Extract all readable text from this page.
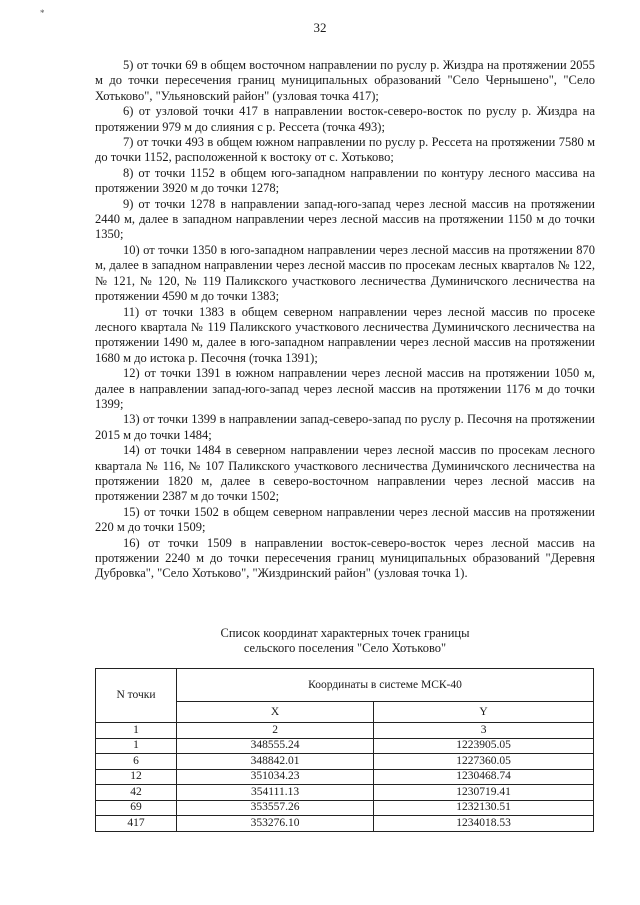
*
32

5) от точки 69 в общем восточном направлении по руслу р. Жиздра на протяжении 2055 м до точки пересечения границ муниципальных образований "Село Чернышено", "Село Хотьково", "Ульяновский район" (узловая точка 417);

6) от узловой точки 417 в направлении восток-северо-восток по руслу р. Жиздра на протяжении 979 м до слияния с р. Рессета (точка 493);

7) от точки 493 в общем южном направлении по руслу р. Рессета на протяжении 7580 м до точки 1152, расположенной к востоку от с. Хотьково;

8) от точки 1152 в общем юго-западном направлении по контуру лесного массива на протяжении 3920 м до точки 1278;

9) от точки 1278 в направлении запад-юго-запад через лесной массив на протяжении 2440 м, далее в западном направлении через лесной массив на протяжении 1150 м до точки 1350;

10) от точки 1350 в юго-западном направлении через лесной массив на протяжении 870 м, далее в западном направлении через лесной массив по просекам лесных кварталов № 122, № 121, № 120, № 119 Паликского участкового лесничества Думиничского лесничества на протяжении 4590 м до точки 1383;

11) от точки 1383 в общем северном направлении через лесной массив по просеке лесного квартала № 119 Паликского участкового лесничества Думиничского лесничества на протяжении 1490 м, далее в юго-западном направлении через лесной массив на протяжении 1680 м до истока р. Песочня (точка 1391);

12) от точки 1391 в южном направлении через лесной массив на протяжении 1050 м, далее в направлении запад-юго-запад через лесной массив на протяжении 1176 м до точки 1399;

13) от точки 1399 в направлении запад-северо-запад по руслу р. Песочня на протяжении 2015 м до точки 1484;

14) от точки 1484 в северном направлении через лесной массив по просекам лесного квартала № 116, № 107 Паликского участкового лесничества Думиничского лесничества на протяжении 1820 м, далее в северо-восточном направлении через лесной массив на протяжении 2387 м до точки 1502;

15) от точки 1502 в общем северном направлении через лесной массив на протяжении 220 м до точки 1509;

16) от точки 1509 в направлении восток-северо-восток через лесной массив на протяжении 2240 м до точки пересечения границ муниципальных образований "Деревня Дубровка", "Село Хотьково", "Жиздринский район" (узловая точка 1).

Список координат характерных точек границы
сельского поселения "Село Хотьково"
N точки	Координаты в системе МСК-40	
	X	Y
1	2	3
1	348555.24	1223905.05
6	348842.01	1227360.05
12	351034.23	1230468.74
42	354111.13	1230719.41
69	353557.26	1232130.51
417	353276.10	1234018.53
